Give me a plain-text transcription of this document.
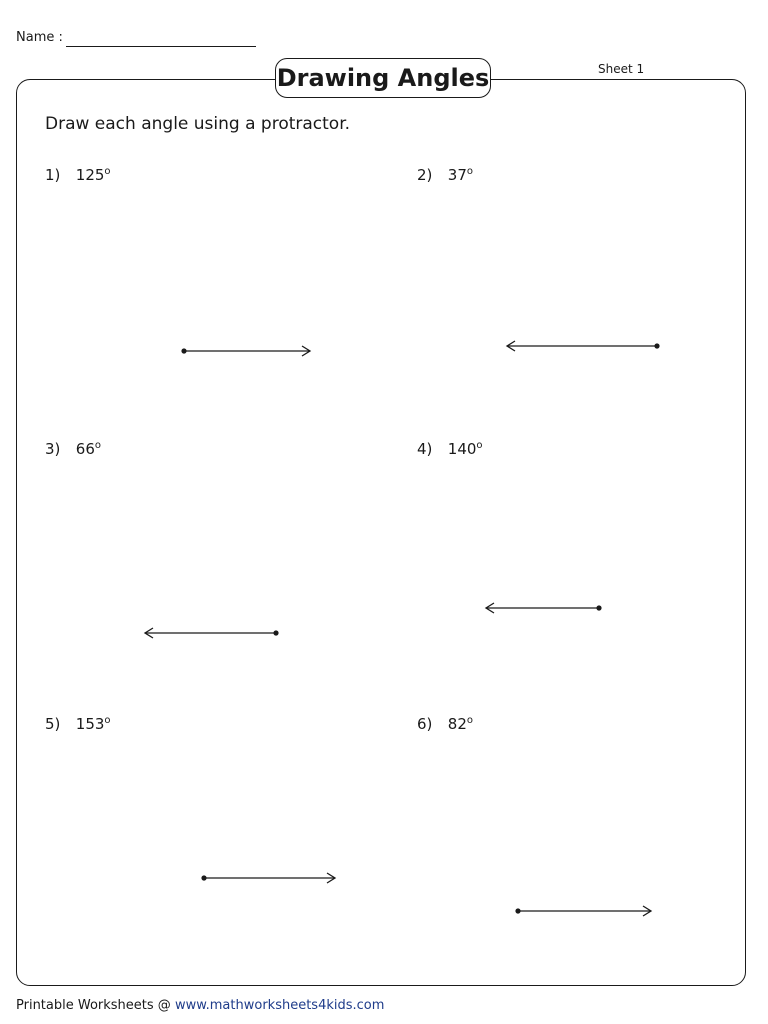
Name :
Sheet 1
Drawing Angles
Draw each angle using a protractor.
1) 125$^o$	2) 37$^o$
3) 66$^o$	4) 140$^o$
5) 153$^o$	6) 82$^o$
Printable Worksheets @ www.mathworksheets4kids.com
